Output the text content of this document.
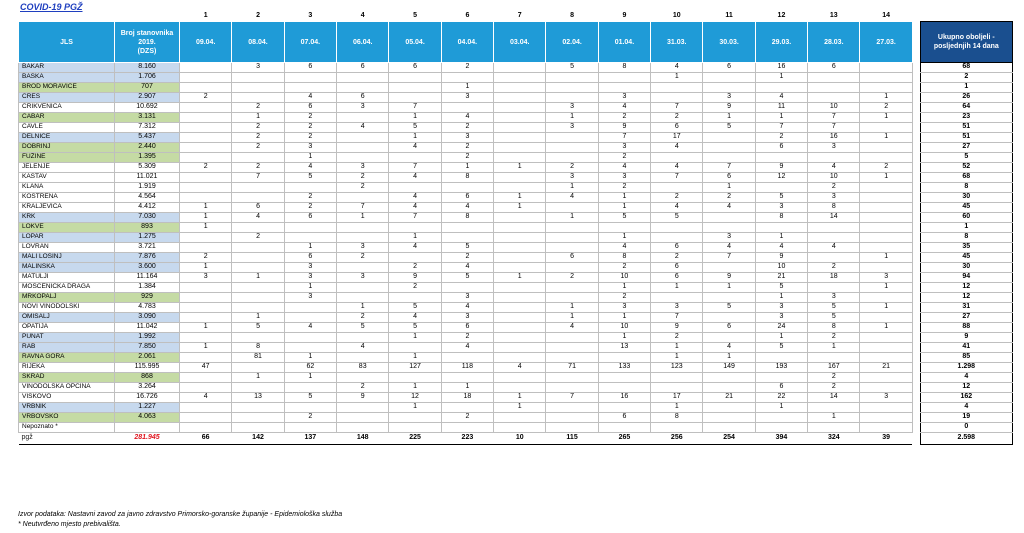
COVID-19 PGŽ
		1	2	3	4	5	6	7	8	9	10	11	12	13	14		
JLS	Broj stanovnika
2019.
(DZS)	09.04.	08.04.	07.04.	06.04.	05.04.	04.04.	03.04.	02.04.	01.04.	31.03.	30.03.	29.03.	28.03.	27.03.		Ukupno oboljeli -
posljednjih 14 dana
BAKAR	8.160		3	6	6	6	2		5	8	4	6	16	6			68
BAŠKA	1.706										1		1				2
BROD MORAVICE	707						1										1
CRES	2.907	2		4	6		3			3		3	4		1		26
CRIKVENICA	10.692		2	6	3	7			3	4	7	9	11	10	2		64
ČABAR	3.131		1	2		1	4		1	2	2	1	1	7	1		23
ČAVLE	7.312		2	2	4	5	2		3	9	6	5	7	7			51
DELNICE	5.437		2	2		1	3			7	17		2	16	1		51
DOBRINJ	2.440		2	3		4	2			3	4		6	3			27
FUŽINE	1.395			1			2			2							5
JELENJE	5.309	2	2	4	3	7	1	1	2	4	4	7	9	4	2		52
KASTAV	11.021		7	5	2	4	8		3	3	7	6	12	10	1		68
KLANA	1.919				2				1	2		1		2			8
KOSTRENA	4.564			2		4	6	1	4	1	2	2	5	3			30
KRALJEVICA	4.412	1	6	2	7	4	4	1		1	4	4	3	8			45
KRK	7.030	1	4	6	1	7	8		1	5	5		8	14			60
LOKVE	893	1															1
LOPAR	1.275		2			1				1		3	1				8
LOVRAN	3.721			1	3	4	5			4	6	4	4	4			35
MALI LOŠINJ	7.876	2		6	2		2		6	8	2	7	9		1		45
MALINSKA	3.600	1		3		2	4			2	6		10	2			30
MATULJI	11.164	3	1	3	3	9	5	1	2	10	6	9	21	18	3		94
MOŠĆENIČKA DRAGA	1.384			1		2				1	1	1	5		1		12
MRKOPALJ	929			3			3			2			1	3			12
NOVI VINODOLSKI	4.783				1	5	4		1	3	3	5	3	5	1		31
OMIŠALJ	3.090		1		2	4	3		1	1	7		3	5			27
OPATIJA	11.042	1	5	4	5	5	6		4	10	9	6	24	8	1		88
PUNAT	1.992					1	2			1	2		1	2			9
RAB	7.850	1	8		4		4			13	1	4	5	1			41
RAVNA GORA	2.061		81	1		1					1	1					85
RIJEKA	115.995	47		62	83	127	118	4	71	133	123	149	193	167	21		1.298
SKRAD	868		1	1										2			4
VINODOLSKA OPĆINA	3.264				2	1	1						6	2			12
VIŠKOVO	16.726	4	13	5	9	12	18	1	7	16	17	21	22	14	3		162
VRBNIK	1.227					1		1			1		1				4
VRBOVSKO	4.063			2			2			6	8			1			19
Nepoznato *																	0
pgž	281.945	66	142	137	148	225	223	10	115	265	256	254	394	324	39		2.598
Izvor podataka: Nastavni zavod za javno zdravstvo Primorsko-goranske županije - Epidemiološka služba
* Neutvrđeno mjesto prebivališta.
